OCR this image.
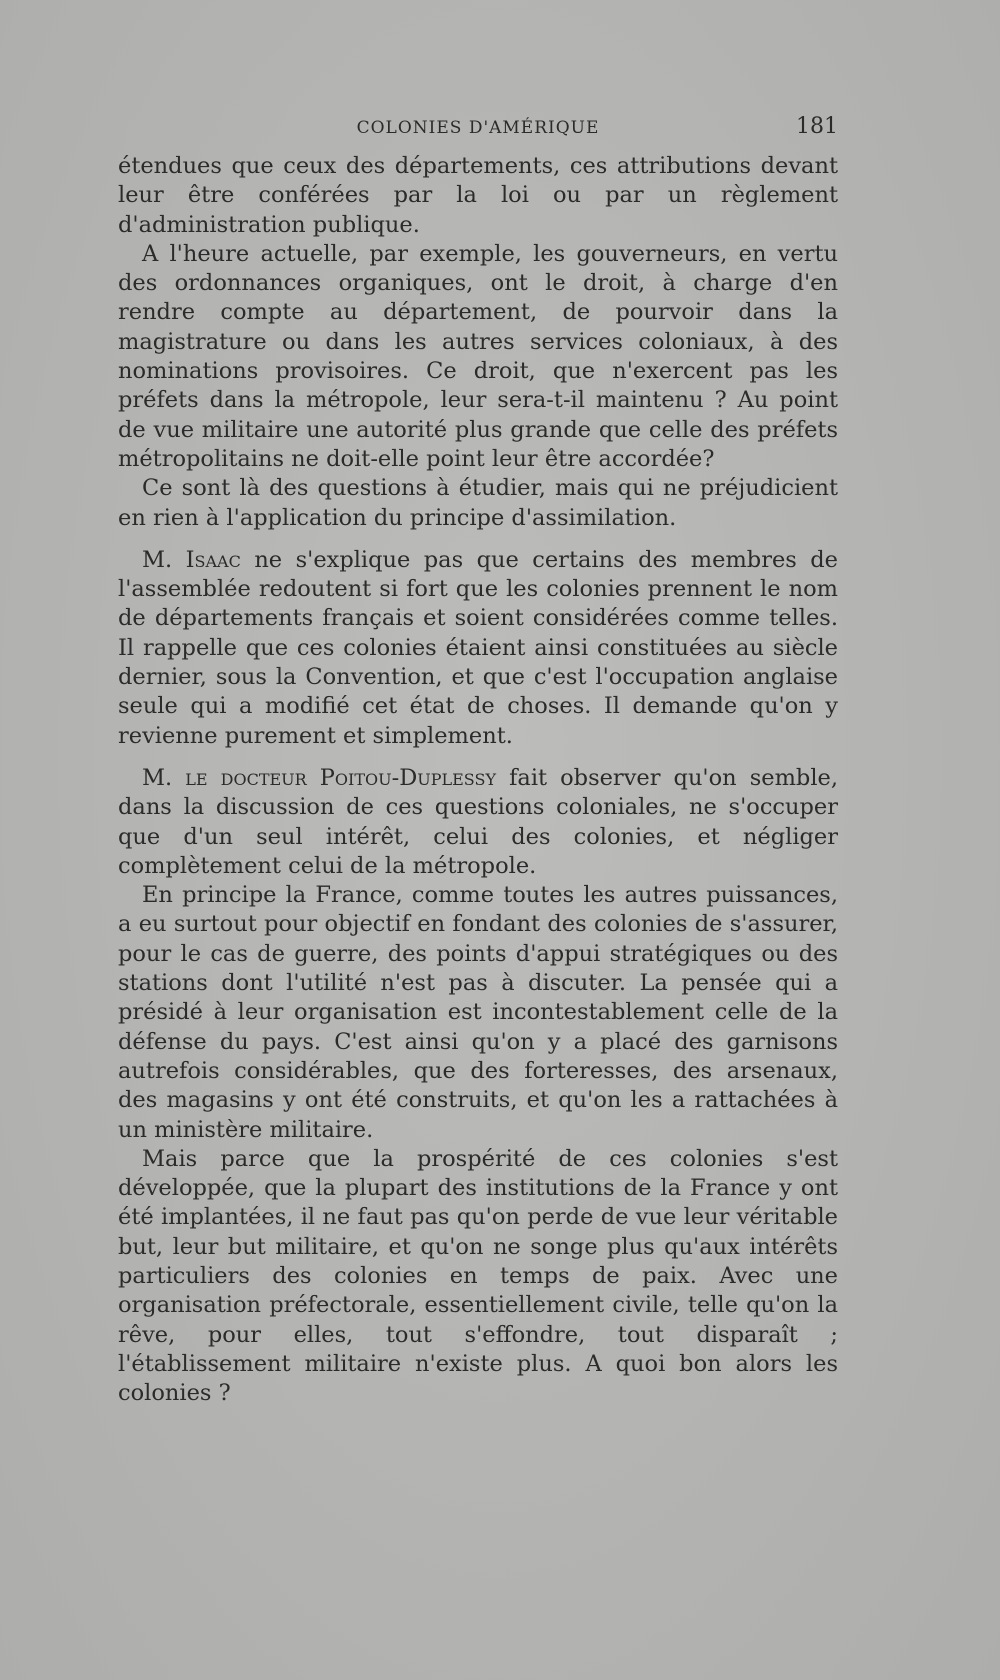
COLONIES D'AMÉRIQUE	181

étendues que ceux des départements, ces attributions devant leur être conférées par la loi ou par un règlement d'administration publique.

A l'heure actuelle, par exemple, les gouverneurs, en vertu des ordonnances organiques, ont le droit, à charge d'en rendre compte au département, de pourvoir dans la magistrature ou dans les autres services coloniaux, à des nominations provisoires. Ce droit, que n'exercent pas les préfets dans la métropole, leur sera-t-il maintenu ? Au point de vue militaire une autorité plus grande que celle des préfets métropolitains ne doit-elle point leur être accordée?

Ce sont là des questions à étudier, mais qui ne préjudicient en rien à l'application du principe d'assimilation.

M. Isaac ne s'explique pas que certains des membres de l'assemblée redoutent si fort que les colonies prennent le nom de départements français et soient considérées comme telles. Il rappelle que ces colonies étaient ainsi constituées au siècle dernier, sous la Convention, et que c'est l'occupation anglaise seule qui a modifié cet état de choses. Il demande qu'on y revienne purement et simplement.

M. le docteur Poitou-Duplessy fait observer qu'on semble, dans la discussion de ces questions coloniales, ne s'occuper que d'un seul intérêt, celui des colonies, et négliger complètement celui de la métropole.

En principe la France, comme toutes les autres puissances, a eu surtout pour objectif en fondant des colonies de s'assurer, pour le cas de guerre, des points d'appui stratégiques ou des stations dont l'utilité n'est pas à discuter. La pensée qui a présidé à leur organisation est incontestablement celle de la défense du pays. C'est ainsi qu'on y a placé des garnisons autrefois considérables, que des forteresses, des arsenaux, des magasins y ont été construits, et qu'on les a rattachées à un ministère militaire.

Mais parce que la prospérité de ces colonies s'est développée, que la plupart des institutions de la France y ont été implantées, il ne faut pas qu'on perde de vue leur véritable but, leur but militaire, et qu'on ne songe plus qu'aux intérêts particuliers des colonies en temps de paix. Avec une organisation préfectorale, essentiellement civile, telle qu'on la rêve, pour elles, tout s'effondre, tout disparaît ; l'établissement militaire n'existe plus. A quoi bon alors les colonies ?
